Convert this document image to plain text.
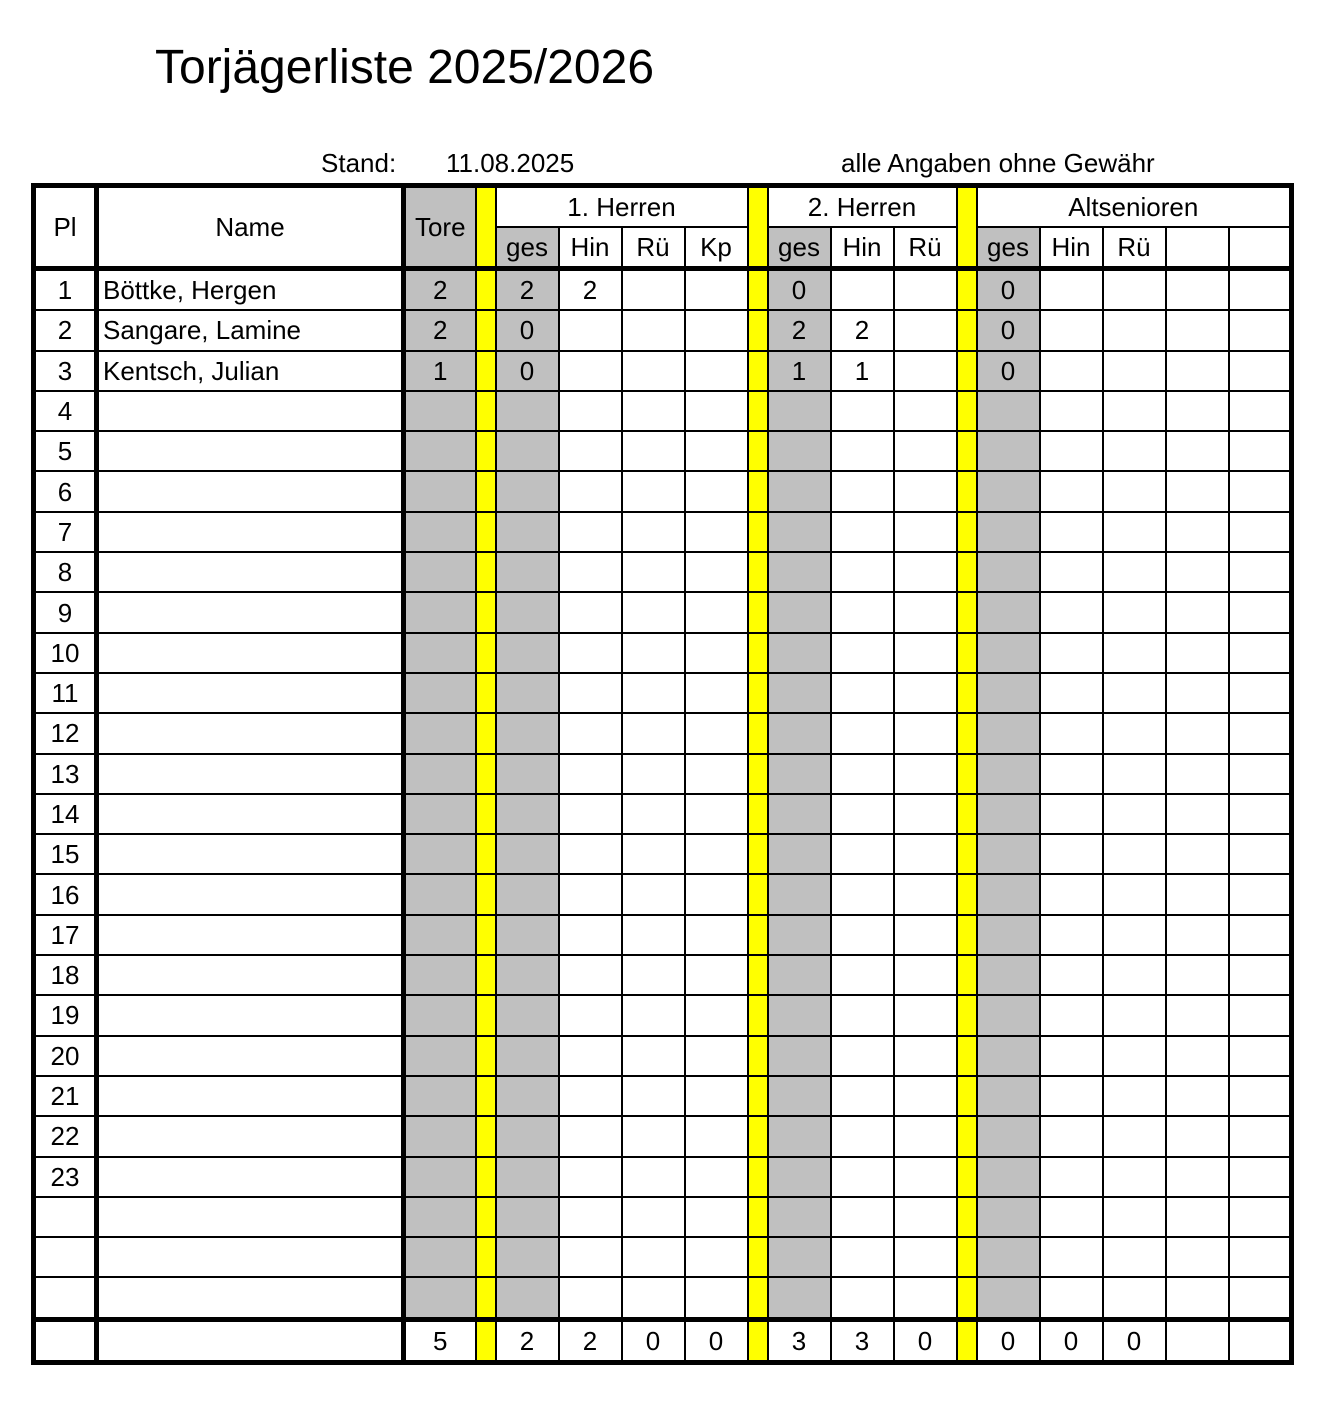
Torjägerliste 2025/2026
Stand: 11.08.2025	alle Angaben ohne Gewähr
Pl	Name	Tore		1. Herren					2. Herren				Altsenioren				
				ges	Hin	Rü	Kp		ges	Hin	Rü		ges	Hin	Rü		
1	Böttke, Hergen	2		2	2				0				0				
2	Sangare, Lamine	2		0					2	2			0				
3	Kentsch, Julian	1		0					1	1			0				
4																	
5																	
6																	
7																	
8																	
9																	
10																	
11																	
12																	
13																	
14																	
15																	
16																	
17																	
18																	
19																	
20																	
21																	
22																	
23																	

		5		2	2	0	0		3	3	0		0	0	0		
